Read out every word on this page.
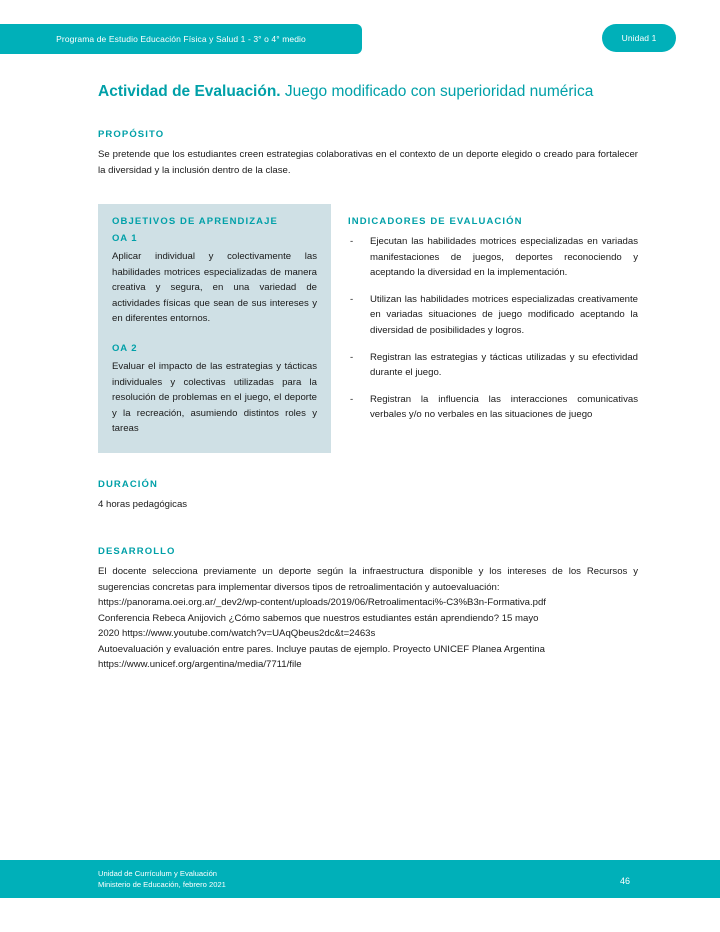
Programa de Estudio Educación Física y Salud 1 - 3° o 4° medio	Unidad 1
Actividad de Evaluación. Juego modificado con superioridad numérica
PROPÓSITO

Se pretende que los estudiantes creen estrategias colaborativas en el contexto de un deporte elegido o creado para fortalecer la diversidad y la inclusión dentro de la clase.

OBJETIVOS DE APRENDIZAJE
OA 1

Aplicar individual y colectivamente las habilidades motrices especializadas de manera creativa y segura, en una variedad de actividades físicas que sean de sus intereses y en diferentes entornos.

OA 2

Evaluar el impacto de las estrategias y tácticas individuales y colectivas utilizadas para la resolución de problemas en el juego, el deporte y la recreación, asumiendo distintos roles y tareas

INDICADORES DE EVALUACIÓN
- Ejecutan las habilidades motrices especializadas en variadas manifestaciones de juegos, deportes reconociendo y aceptando la diversidad en la implementación.
- Utilizan las habilidades motrices especializadas creativamente en variadas situaciones de juego modificado aceptando la diversidad de posibilidades y logros.
- Registran las estrategias y tácticas utilizadas y su efectividad durante el juego.
- Registran la influencia las interacciones comunicativas verbales y/o no verbales en las situaciones de juego
DURACIÓN

4 horas pedagógicas

DESARROLLO

El docente selecciona previamente un deporte según la infraestructura disponible y los intereses de los Recursos y sugerencias concretas para implementar diversos tipos de retroalimentación y autoevaluación:

https://panorama.oei.org.ar/_dev2/wp-content/uploads/2019/06/Retroalimentaci%-C3%B3n-Formativa.pdf

Conferencia Rebeca Anijovich ¿Cómo sabemos que nuestros estudiantes están aprendiendo? 15 mayo

2020 https://www.youtube.com/watch?v=UAqQbeus2dc&t=2463s

Autoevaluación y evaluación entre pares. Incluye pautas de ejemplo. Proyecto UNICEF Planea Argentina

https://www.unicef.org/argentina/media/7711/file

Unidad de Currículum y Evaluación
Ministerio de Educación, febrero 2021	46
